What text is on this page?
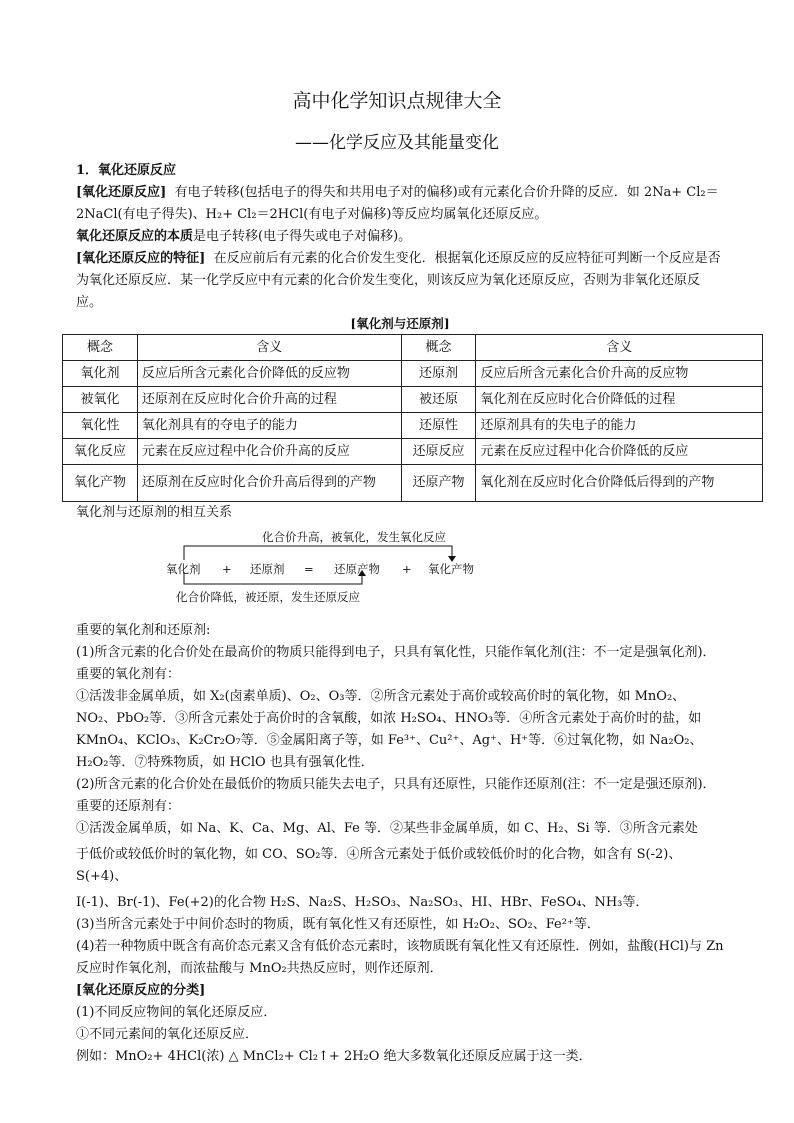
高中化学知识点规律大全
——化学反应及其能量变化

1．氧化还原反应

[氧化还原反应] 有电子转移(包括电子的得失和共用电子对的偏移)或有元素化合价升降的反应．如 2Na+ Cl₂＝2NaCl(有电子得失)、H₂+ Cl₂＝2HCl(有电子对偏移)等反应均属氧化还原反应。

氧化还原反应的本质是电子转移(电子得失或电子对偏移)。

[氧化还原反应的特征] 在反应前后有元素的化合价发生变化．根据氧化还原反应的反应特征可判断一个反应是否为氧化还原反应．某一化学反应中有元素的化合价发生变化，则该反应为氧化还原反应，否则为非氧化还原反应。

[氧化剂与还原剂]
概念	含义	概念	含义
氧化剂	反应后所含元素化合价降低的反应物	还原剂	反应后所含元素化合价升高的反应物
被氧化	还原剂在反应时化合价升高的过程	被还原	氧化剂在反应时化合价降低的过程
氧化性	氧化剂具有的夺电子的能力	还原性	还原剂具有的失电子的能力
氧化反应	元素在反应过程中化合价升高的反应	还原反应	元素在反应过程中化合价降低的反应
氧化产物	还原剂在反应时化合价升高后得到的产物	还原产物	氧化剂在反应时化合价降低后得到的产物

氧化剂与还原剂的相互关系

化合价升高，被氧化，发生氧化反应
氧化剂 + 还原剂 = 还原产物 + 氧化产物
化合价降低，被还原，发生还原反应

重要的氧化剂和还原剂:

(1)所含元素的化合价处在最高价的物质只能得到电子，只具有氧化性，只能作氧化剂(注：不一定是强氧化剂)．重要的氧化剂有：

①活泼非金属单质，如 X₂(卤素单质)、O₂、O₃等．②所含元素处于高价或较高价时的氧化物，如 MnO₂、NO₂、PbO₂等．③所含元素处于高价时的含氧酸，如浓 H₂SO₄、HNO₃等．④所含元素处于高价时的盐，如 KMnO₄、KClO₃、K₂Cr₂O₇等．⑤金属阳离子等，如 Fe³⁺、Cu²⁺、Ag⁺、H⁺等．⑥过氧化物，如 Na₂O₂、H₂O₂等．⑦特殊物质，如 HClO 也具有强氧化性．

(2)所含元素的化合价处在最低价的物质只能失去电子，只具有还原性，只能作还原剂(注：不一定是强还原剂)．重要的还原剂有：

①活泼金属单质，如 Na、K、Ca、Mg、Al、Fe 等．②某些非金属单质，如 C、H₂、Si 等．③所含元素处

于低价或较低价时的氧化物，如 CO、SO₂等．④所含元素处于低价或较低价时的化合物，如含有 S(-2)、S(+4)、

I(-1)、Br(-1)、Fe(+2)的化合物 H₂S、Na₂S、H₂SO₃、Na₂SO₃、HI、HBr、FeSO₄、NH₃等．

(3)当所含元素处于中间价态时的物质，既有氧化性又有还原性，如 H₂O₂、SO₂、Fe²⁺等．

(4)若一种物质中既含有高价态元素又含有低价态元素时，该物质既有氧化性又有还原性．例如，盐酸(HCl)与 Zn 反应时作氧化剂，而浓盐酸与 MnO₂共热反应时，则作还原剂．

[氧化还原反应的分类]

(1)不同反应物间的氧化还原反应．

①不同元素间的氧化还原反应．

例如：MnO₂+ 4HCl(浓) △ MnCl₂+ Cl₂↑+ 2H₂O 绝大多数氧化还原反应属于这一类．
